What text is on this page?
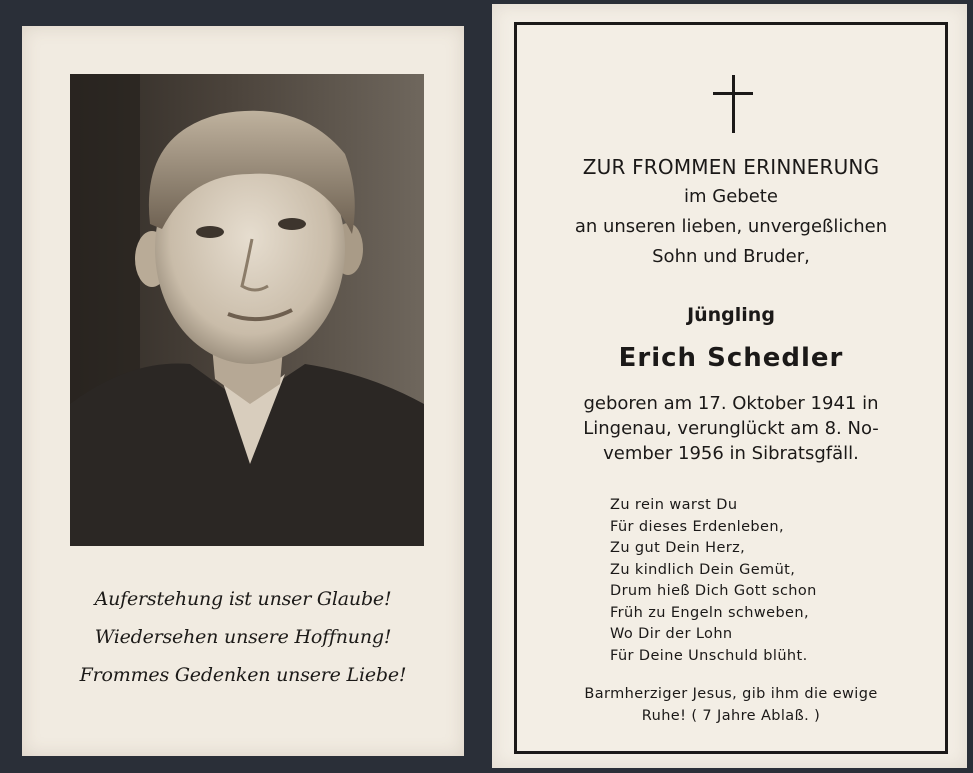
Auferstehung ist unser Glaube!
Wiedersehen unsere Hoffnung!
Frommes Gedenken unsere Liebe!
ZUR FROMMEN ERINNERUNG
im Gebete
an unseren lieben, unvergeßlichen
Sohn und Bruder,
Jüngling
Erich Schedler
geboren am 17. Oktober 1941 in
Lingenau, verunglückt am 8. No-
vember 1956 in Sibratsgfäll.
Zu rein warst Du
Für dieses Erdenleben,
Zu gut Dein Herz,
Zu kindlich Dein Gemüt,
Drum hieß Dich Gott schon
Früh zu Engeln schweben,
Wo Dir der Lohn
Für Deine Unschuld blüht.
Barmherziger Jesus, gib ihm die ewige
Ruhe! ( 7 Jahre Ablaß. )
